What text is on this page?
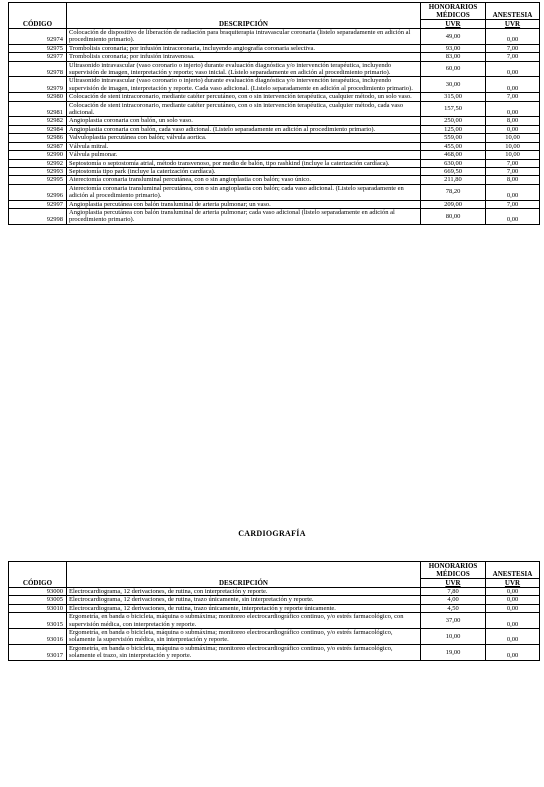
CÓDIGO	DESCRIPCIÓN	HONORARIOS MÉDICOS	ANESTESIA
		UVR	UVR
92974	Colocación de dispositivo de liberación de radiación para braquiterapia intravascular coronaria (listelo separadamente en adición al procedimiento primario).	49,00	0,00
92975	Trombolisis coronaria; por infusión intracoronaria, incluyendo angiografía coronaria selectiva.	93,00	7,00
92977	Trombolisis coronaria; por infusión intravenosa.	83,00	7,00
92978	Ultrasonido intravascular (vaso coronario o injerto) durante evaluación diagnóstica y/o intervención terapéutica, incluyendo supervisión de imagen, interpretación y reporte; vaso inicial. (Lístelo separadamente en adición al procedimiento primario).	60,00	0,00
92979	Ultrasonido intravascular (vaso coronario o injerto) durante evaluación diagnóstica y/o intervención terapéutica, incluyendo supervisión de imagen, interpretación y reporte. Cada vaso adicional. (Listelo separadamente en adición al procedimiento primario).	30,00	0,00
92980	Colocación de stent intracoronario, mediante catéter percutáneo, con o sin intervención terapéutica, cualquier método, un solo vaso.	315,00	7,00
92981	Colocación de stent intracoronario, mediante catéter percutáneo, con o sin intervención terapéutica, cualquier método, cada vaso adicional.	157,50	0,00
92982	Angioplastia coronaria con balón, un solo vaso.	250,00	8,00
92984	Angioplastia coronaria con balón, cada vaso adicional. (Listelo separadamente en adición al procedimiento primario).	125,00	0,00
92986	Valvuloplastia percutánea con balón; válvula aortica.	559,00	10,00
92987	Válvula mitral.	455,00	10,00
92990	Válvula pulmonar.	468,00	10,00
92992	Septostomía o septostomía atrial, método transvenoso, por medio de balón, tipo rashkind (incluye la caterización cardíaca).	630,00	7,00
92993	Septostomía tipo park (incluye la caterización cardíaca).	669,50	7,00
92995	Aterectomía coronaria transluminal percutánea, con o sin angioplastia con balón; vaso único.	211,80	8,00
92996	Aterectomía coronaria transluminal percutánea, con o sin angioplastia con balón; cada vaso adicional. (Listelo separadamente en adición al procedimiento primario).	78,20	0,00
92997	Angioplastia percutánea con balón transluminal de arteria pulmonar; un vaso.	209,00	7,00
92998	Angioplastia percutánea con balón transluminal de arteria pulmonar; cada vaso adicional (listelo separadamente en adición al procedimiento primario).	80,00	0,00
CARDIOGRAFÍA
CÓDIGO	DESCRIPCIÓN	HONORARIOS MÉDICOS	ANESTESIA
		UVR	UVR
93000	Electrocardiograma, 12 derivaciones, de rutina, con interpretación y reporte.	7,80	0,00
93005	Electrocardiograma, 12 derivaciones, de rutina, trazo únicamente, sin interpretación y reporte.	4,00	0,00
93010	Electrocardiograma, 12 derivaciones, de rutina, trazo únicamente, interpretación y reporte únicamente.	4,50	0,00
93015	Ergometría, en banda o bicicleta, máquina o submáxima; monitoreo electrocardiográfico continuo, y/o estrés farmacológico, con supervisión médica, con interpretación y reporte.	37,00	0,00
93016	Ergometría, en banda o bicicleta, máquina o submáxima; monitoreo electrocardiográfico continuo, y/o estrés farmacológico, solamente la supervisión médica, sin interpretación y reporte.	10,00	0,00
93017	Ergometría, en banda o bicicleta, máquina o submáxima; monitoreo electrocardiográfico continuo, y/o estrés farmacológico, solamente el trazo, sin interpretación y reporte.	19,00	0,00
